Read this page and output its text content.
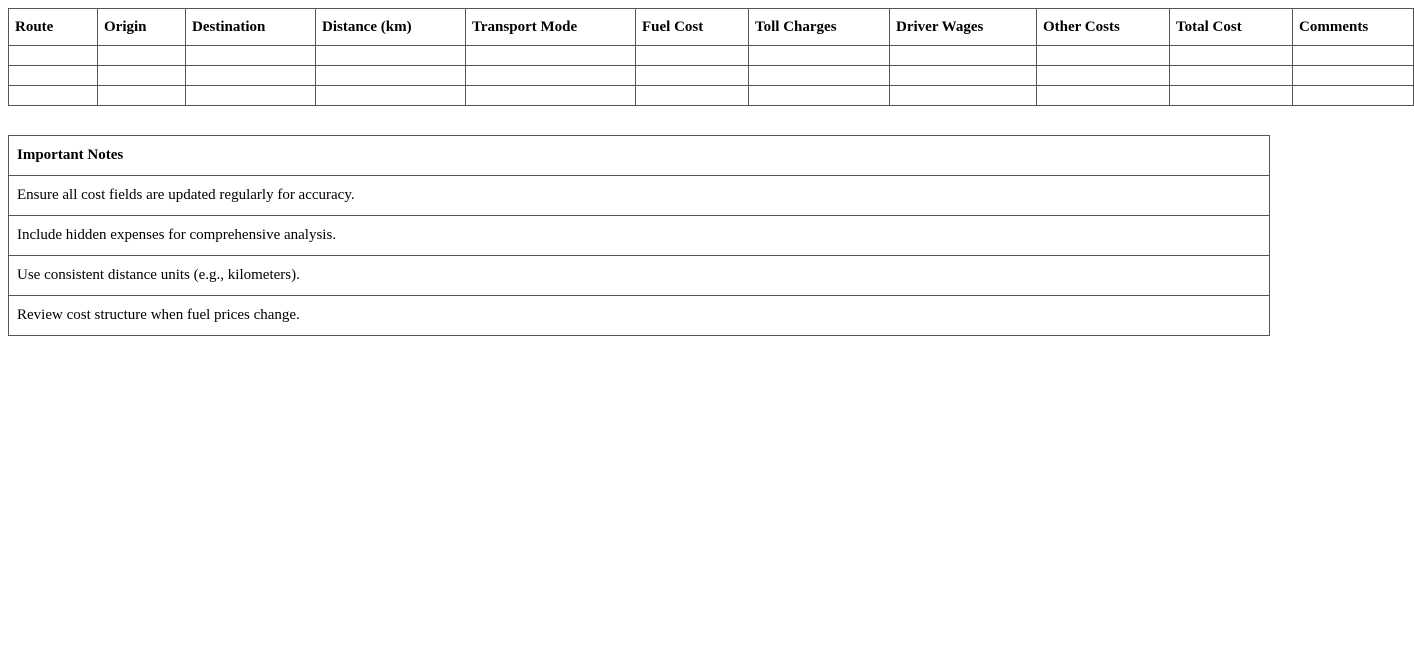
Route	Origin	Destination	Distance (km)	Transport Mode	Fuel Cost	Toll Charges	Driver Wages	Other Costs	Total Cost	Comments

Important Notes
Ensure all cost fields are updated regularly for accuracy.
Include hidden expenses for comprehensive analysis.
Use consistent distance units (e.g., kilometers).
Review cost structure when fuel prices change.
